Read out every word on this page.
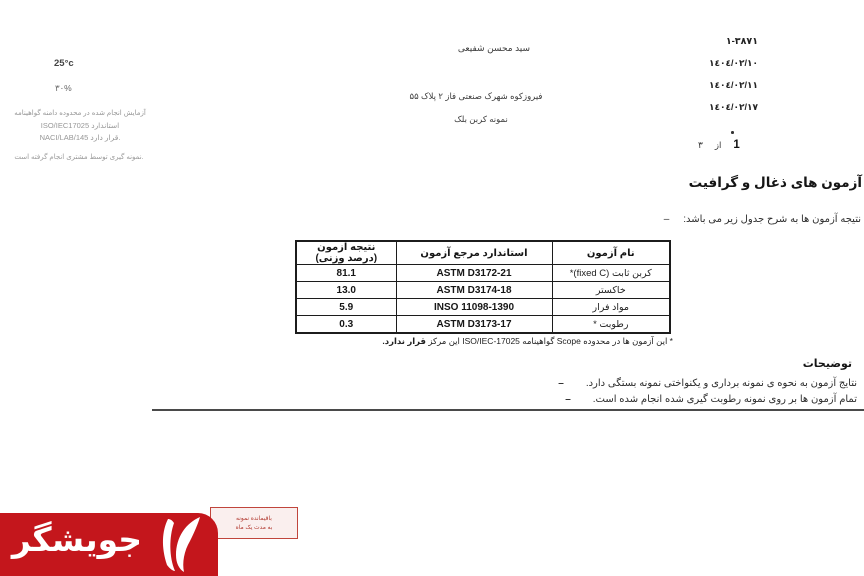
٣٨٧١-١
١٤٠٤/٠٢/١٠
١٤٠٤/٠٢/١١
١٤٠٤/٠٢/١٧
٣ از 1
سید محسن شفیعی
فیروزکوه شهرک صنعتی فاز ۲ پلاک ۵۵
نمونه کربن بلک
25°c
۳۰%
آزمایش انجام شده در محدوده دامنه گواهینامه
استاندارد ISO/IEC17025
NACI/LAB/145 قرار دارد.
نمونه گیری توسط مشتری انجام گرفته است.
آزمون های ذغال و گرافیت
– نتیجه آزمون ها به شرح جدول زیر می باشد:
نام آزمون	استاندارد مرجع آزمون	نتیجه آزمون (درصد وزنی)
کربن ثابت (fixed C)*	ASTM D3172-21	81.1
خاکستر	ASTM D3174-18	13.0
مواد فرار	INSO 11098-1390	5.9
رطوبت *	ASTM D3173-17	0.3
* این آزمون ها در محدوده Scope گواهینامه ISO/IEC-17025 این مرکز قرار ندارد.
توضیحات
– نتایج آزمون به نحوه ی نمونه برداری و یکنواختی نمونه بستگی دارد.
– تمام آزمون ها بر روی نمونه رطوبت گیری شده انجام شده است.
باقیمانده نمونه
به مدت یک ماه
جویشگر
